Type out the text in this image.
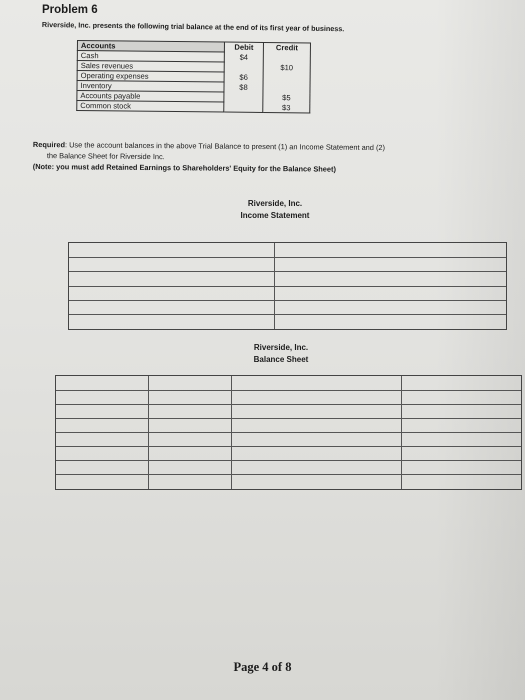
Problem 6
Riverside, Inc. presents the following trial balance at the end of its first year of business.
Accounts	Debit	Credit
Cash	$4	
Sales revenues		$10
Operating expenses	$6	
Inventory	$8	
Accounts payable		$5
Common stock		$3
Required: Use the account balances in the above Trial Balance to present (1) an Income Statement and (2)
the Balance Sheet for Riverside Inc.
(Note: you must add Retained Earnings to Shareholders' Equity for the Balance Sheet)
Riverside, Inc.
Income Statement
Riverside, Inc.
Balance Sheet
Page 4 of 8
